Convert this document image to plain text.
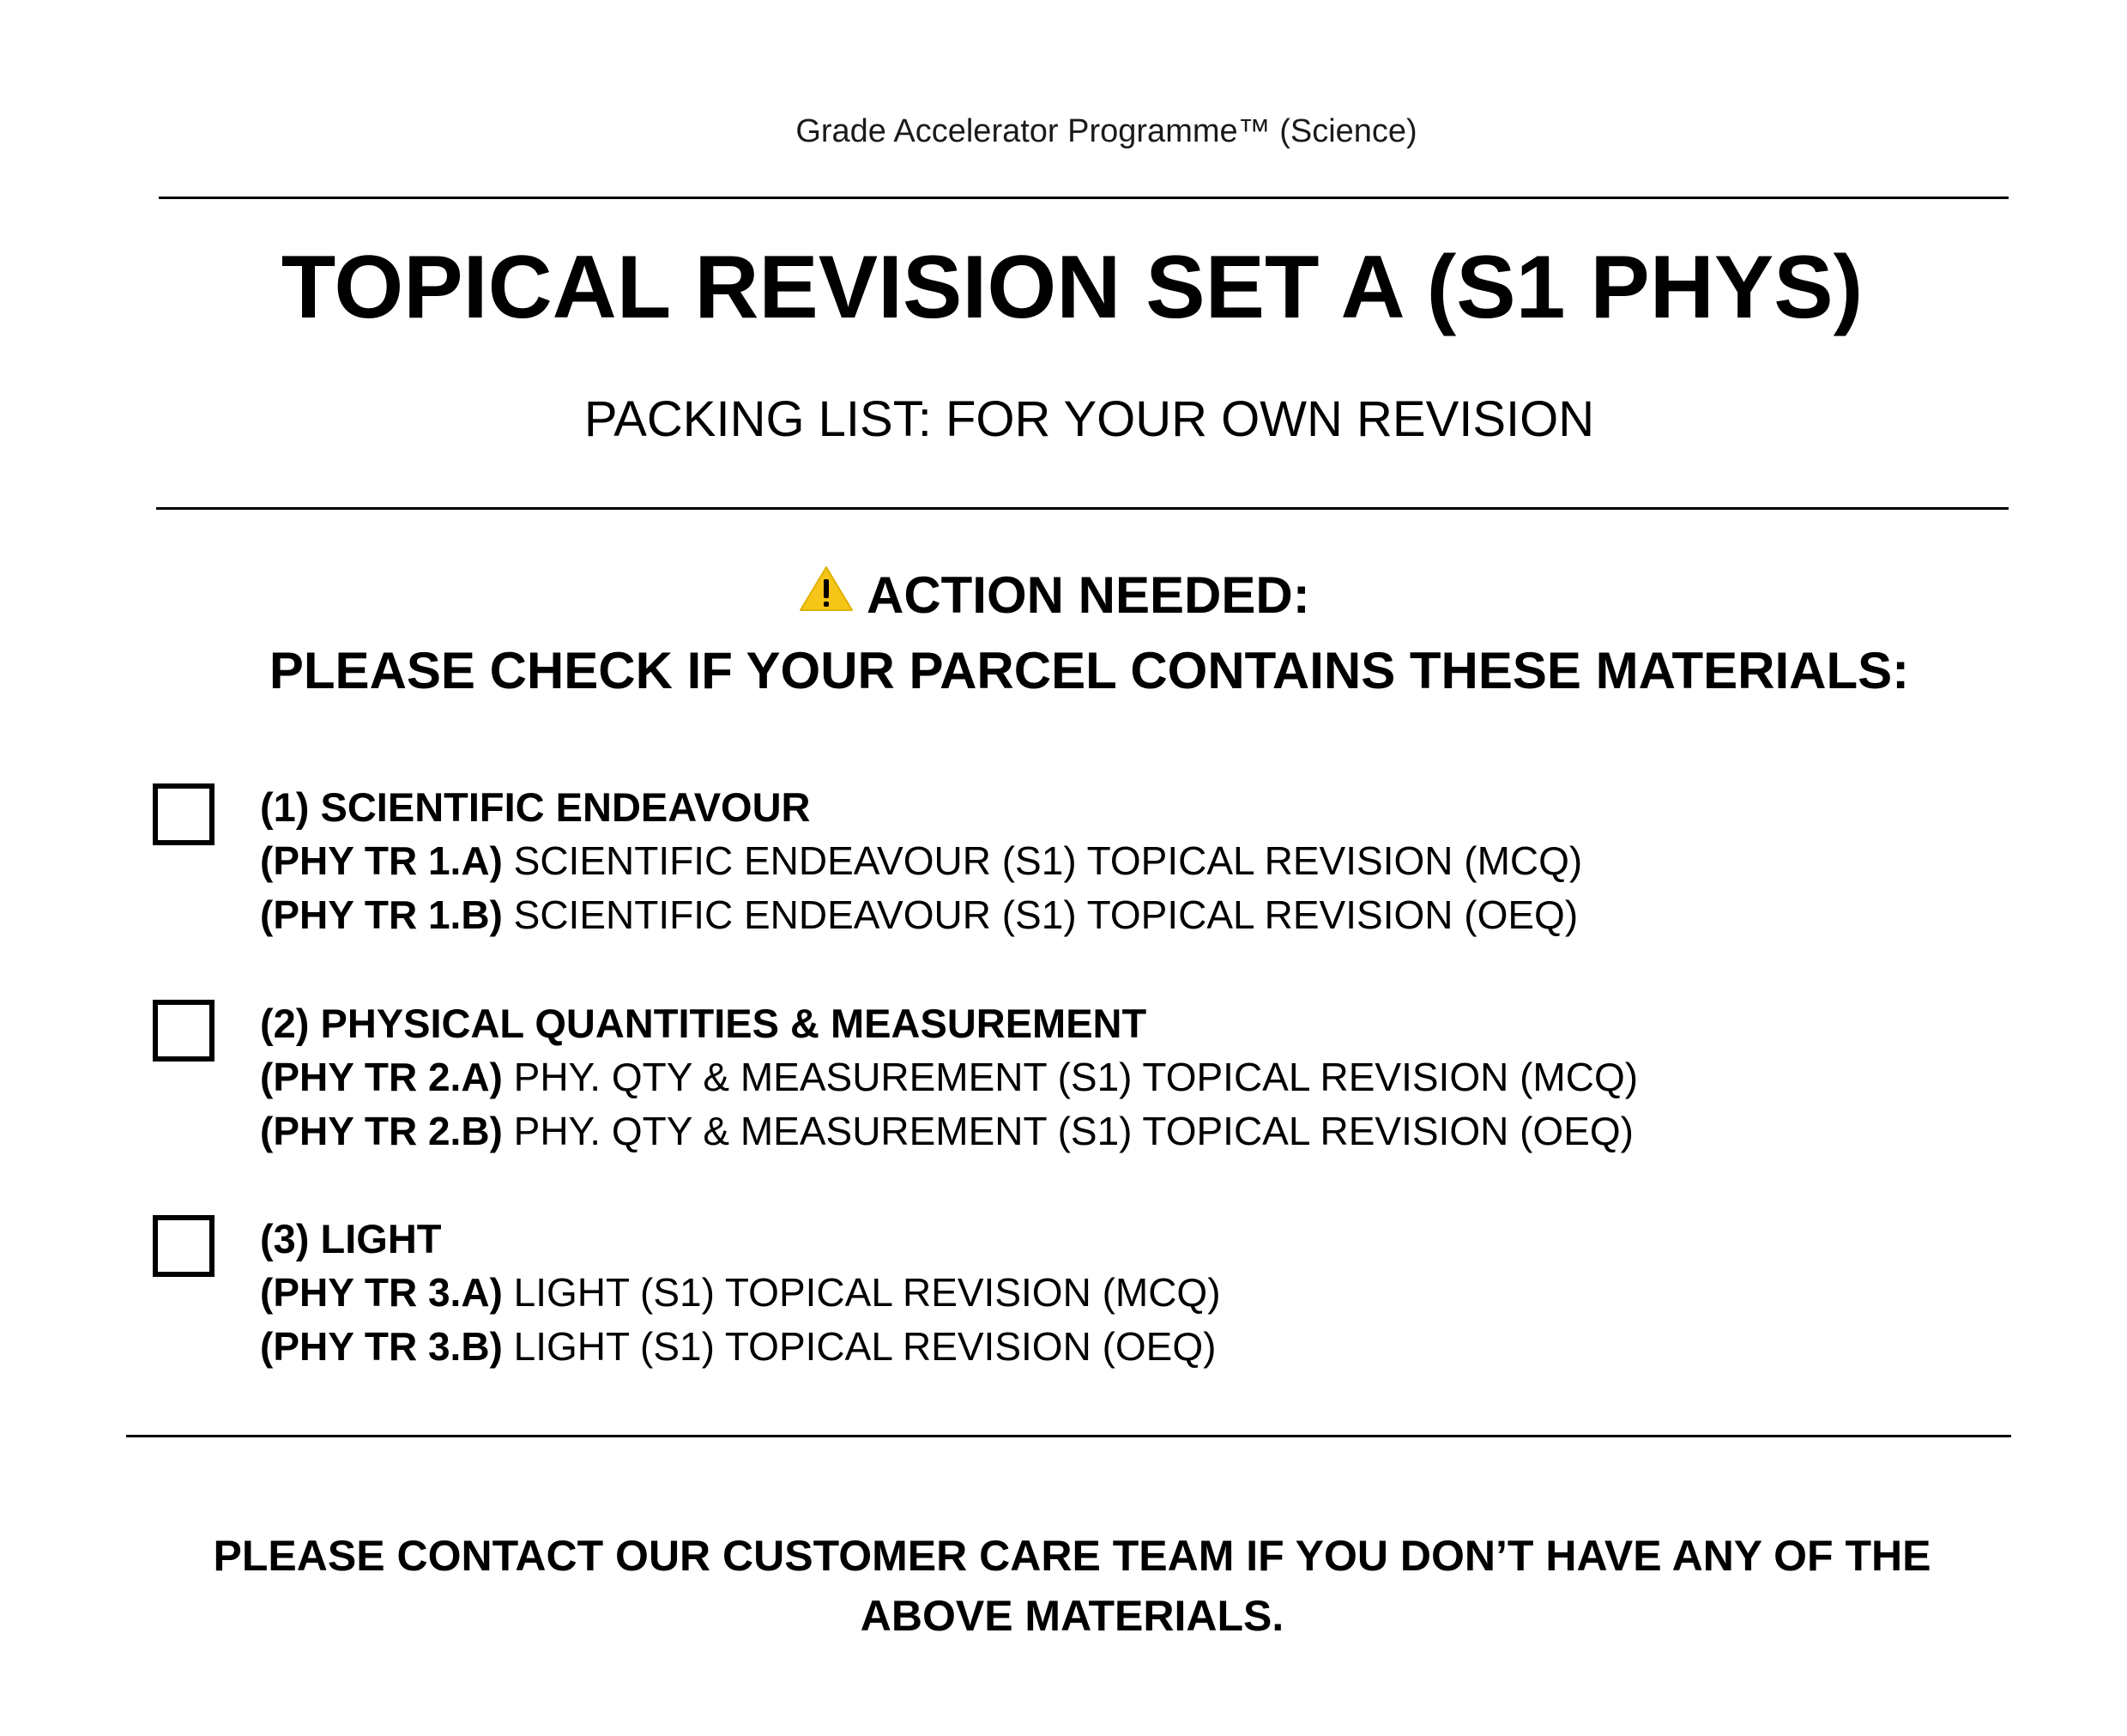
Grade Accelerator Programme™ (Science)
TOPICAL REVISION SET A (S1 PHYS)
PACKING LIST: FOR YOUR OWN REVISION
ACTION NEEDED:
PLEASE CHECK IF YOUR PARCEL CONTAINS THESE MATERIALS:
(1) SCIENTIFIC ENDEAVOUR
(PHY TR 1.A) SCIENTIFIC ENDEAVOUR (S1) TOPICAL REVISION (MCQ)
(PHY TR 1.B) SCIENTIFIC ENDEAVOUR (S1) TOPICAL REVISION (OEQ)
(2) PHYSICAL QUANTITIES & MEASUREMENT
(PHY TR 2.A) PHY. QTY & MEASUREMENT (S1) TOPICAL REVISION (MCQ)
(PHY TR 2.B) PHY. QTY & MEASUREMENT (S1) TOPICAL REVISION (OEQ)
(3) LIGHT
(PHY TR 3.A) LIGHT (S1) TOPICAL REVISION (MCQ)
(PHY TR 3.B) LIGHT (S1) TOPICAL REVISION (OEQ)
PLEASE CONTACT OUR CUSTOMER CARE TEAM IF YOU DON’T HAVE ANY OF THE
ABOVE MATERIALS.
